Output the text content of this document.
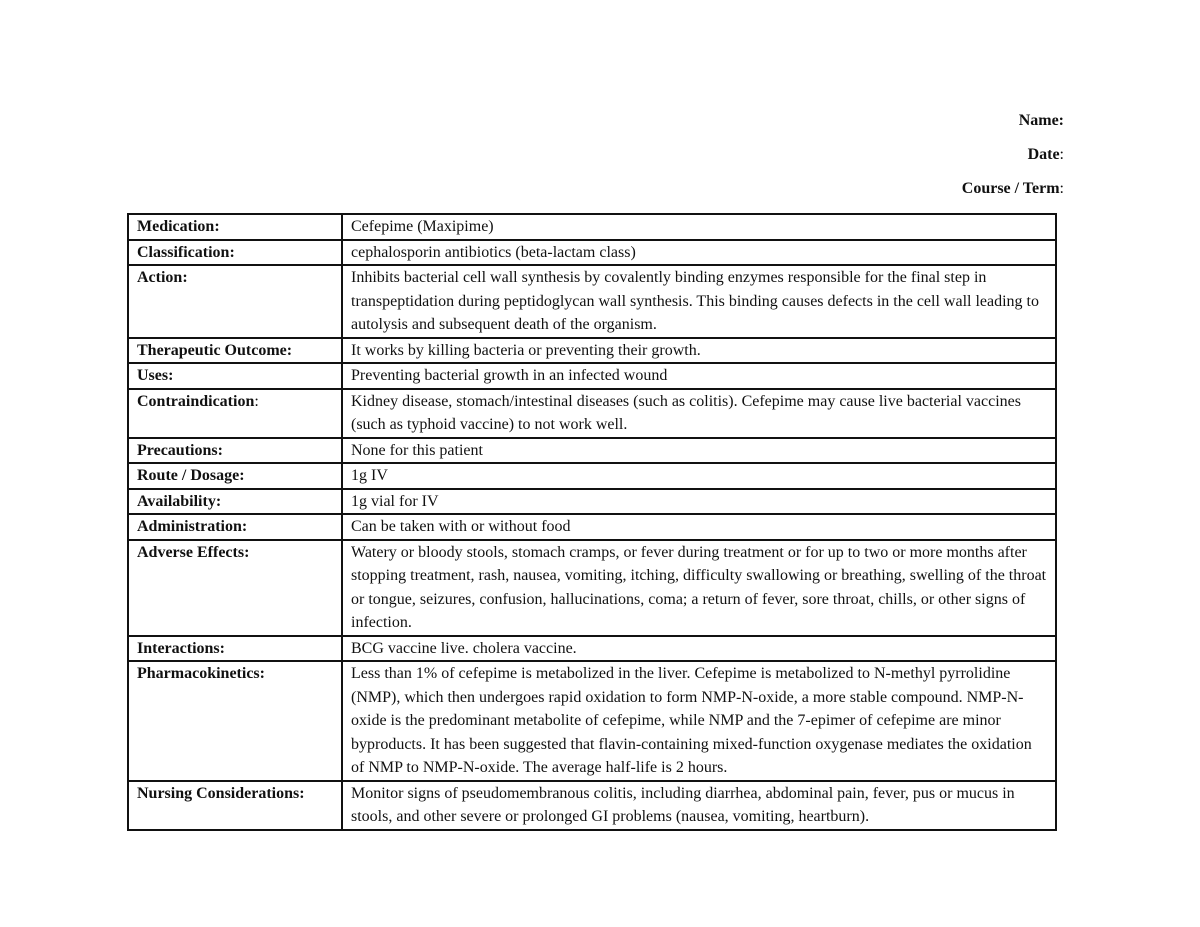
Name:
Date:
Course / Term:
Medication:	Cefepime (Maxipime)
Classification:	cephalosporin antibiotics (beta-lactam class)
Action:	Inhibits bacterial cell wall synthesis by covalently binding enzymes responsible for the final step in transpeptidation during peptidoglycan wall synthesis. This binding causes defects in the cell wall leading to autolysis and subsequent death of the organism.
Therapeutic Outcome:	It works by killing bacteria or preventing their growth.
Uses:	Preventing bacterial growth in an infected wound
Contraindication:	Kidney disease, stomach/intestinal diseases (such as colitis). Cefepime may cause live bacterial vaccines (such as typhoid vaccine) to not work well.
Precautions:	None for this patient
Route / Dosage:	1g IV
Availability:	1g vial for IV
Administration:	Can be taken with or without food
Adverse Effects:	Watery or bloody stools, stomach cramps, or fever during treatment or for up to two or more months after stopping treatment, rash, nausea, vomiting, itching, difficulty swallowing or breathing, swelling of the throat or tongue, seizures, confusion, hallucinations, coma; a return of fever, sore throat, chills, or other signs of infection.
Interactions:	BCG vaccine live. cholera vaccine.
Pharmacokinetics:	Less than 1% of cefepime is metabolized in the liver. Cefepime is metabolized to N-methyl pyrrolidine (NMP), which then undergoes rapid oxidation to form NMP-N-oxide, a more stable compound. NMP-N-oxide is the predominant metabolite of cefepime, while NMP and the 7-epimer of cefepime are minor byproducts. It has been suggested that flavin-containing mixed-function oxygenase mediates the oxidation of NMP to NMP-N-oxide. The average half-life is 2 hours.
Nursing Considerations:	Monitor signs of pseudomembranous colitis, including diarrhea, abdominal pain, fever, pus or mucus in stools, and other severe or prolonged GI problems (nausea, vomiting, heartburn).
